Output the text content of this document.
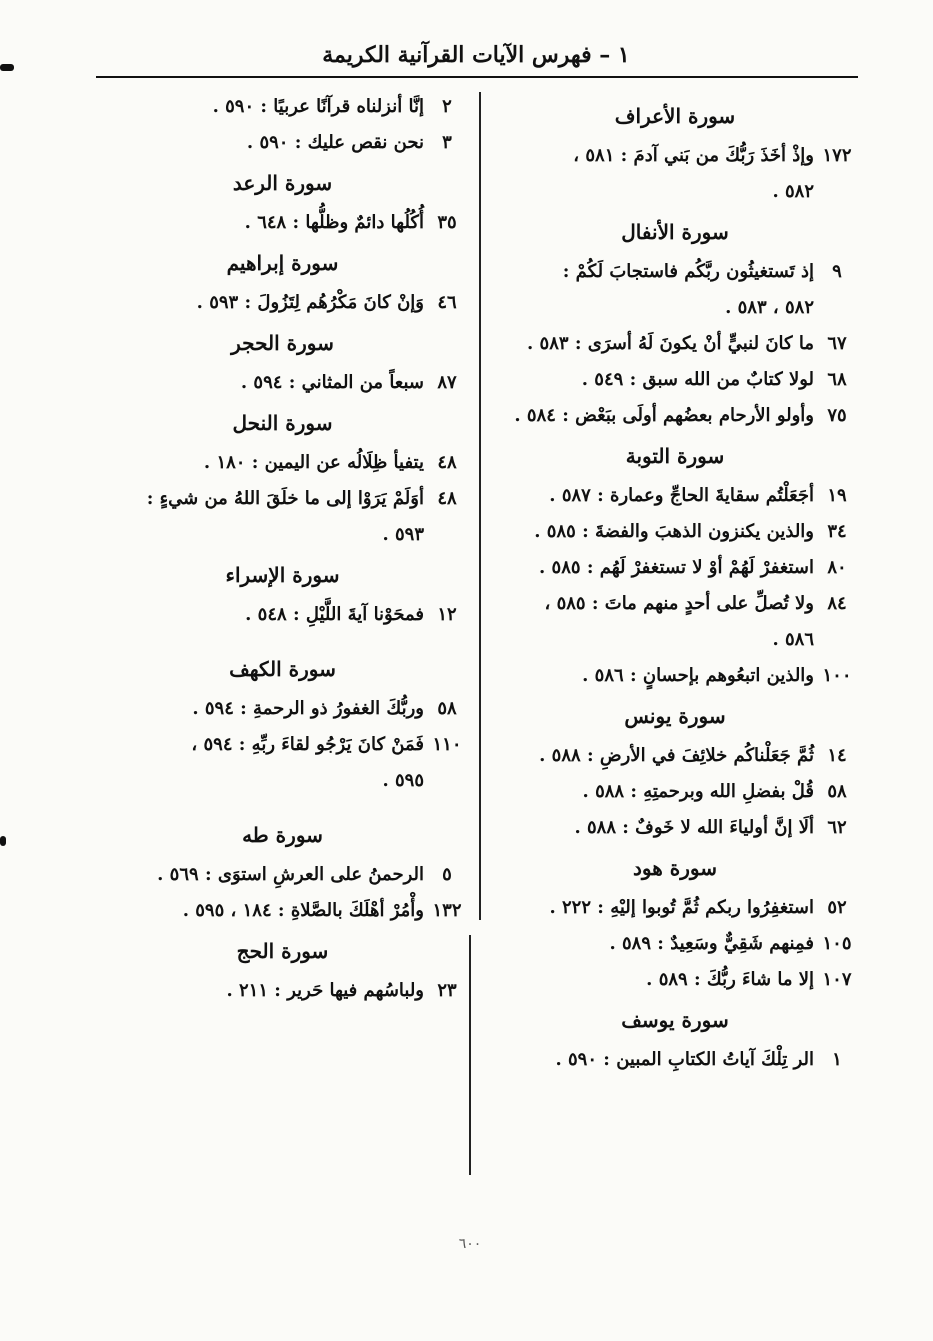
١ – فهرس الآيات القرآنية الكريمة
سورة الأعراف
١٧٢
وإذْ أخَذَ رَبُّكَ من بَني آدمَ : ٥٨١ ،
٥٨٢ .
سورة الأنفال
٩
إذ تَستغيثُون ربَّكُم فاستجابَ لَكُمْ :
٥٨٢ ، ٥٨٣ .
٦٧
ما كانَ لنبيٍّ أنْ يكونَ لَهُ أسرَى : ٥٨٣ .
٦٨
لولا كتابٌ من الله سبق : ٥٤٩ .
٧٥
وأولو الأرحام بعضُهم أولَى ببَعْض : ٥٨٤ .
سورة التوبة
١٩
أجَعَلْتُم سقايةَ الحاجِّ وعمارة : ٥٨٧ .
٣٤
والذين يكنزون الذهبَ والفضةَ : ٥٨٥ .
٨٠
استغفرْ لَهُمْ أوْ لا تستغفرْ لَهُم : ٥٨٥ .
٨٤
ولا تُصلِّ على أحدٍ منهم ماتَ : ٥٨٥ ،
٥٨٦ .
١٠٠
والذين اتبعُوهم بإحسانٍ : ٥٨٦ .
سورة يونس
١٤
ثُمَّ جَعَلْناكُم خلائِفَ في الأرضِ : ٥٨٨ .
٥٨
قُلْ بفضلِ الله وبرحمتِهِ : ٥٨٨ .
٦٢
ألَا إنَّ أولياءَ الله لا خَوفٌ : ٥٨٨ .
سورة هود
٥٢
استغفِرُوا ربكم ثُمَّ تُوبوا إليْهِ : ٢٢٢ .
١٠٥
فمِنهم شَقِيٌّ وسَعِيدٌ : ٥٨٩ .
١٠٧
إلا ما شاءَ ربُّكَ : ٥٨٩ .
سورة يوسف
١
الر تِلْكَ آياتُ الكتابِ المبين : ٥٩٠ .
٢
إنَّا أنزلناه قرآنًا عربيًا : ٥٩٠ .
٣
نحن نقص عليك : ٥٩٠ .
سورة الرعد
٣٥
أُكُلُها دائمٌ وظلُّها : ٦٤٨ .
سورة إبراهيم
٤٦
وَإنْ كانَ مَكْرُهُم لِتَزُولَ : ٥٩٣ .
سورة الحجر
٨٧
سبعاً من المثاني : ٥٩٤ .
سورة النحل
٤٨
يتفيأ ظِلَالُه عن اليمين : ١٨٠ .
٤٨
أوَلَمْ يَرَوْا إلى ما خلَقَ اللهُ من شيءٍ :
٥٩٣ .
سورة الإسراء
١٢
فمحَوْنا آيةَ اللَّيْلِ : ٥٤٨ .
سورة الكهف
٥٨
وربُّكَ الغفورُ ذو الرحمةِ : ٥٩٤ .
١١٠
فَمَنْ كانَ يَرْجُو لقاءَ ربِّهِ : ٥٩٤ ،
٥٩٥ .
سورة طه
٥
الرحمنُ على العرشِ استوَى : ٥٦٩ .
١٣٢
وأْمُرْ أهْلَكَ بالصَّلاةِ : ١٨٤ ، ٥٩٥ .
سورة الحج
٢٣
ولباسُهم فيها حَرير : ٢١١ .
٦٠٠
